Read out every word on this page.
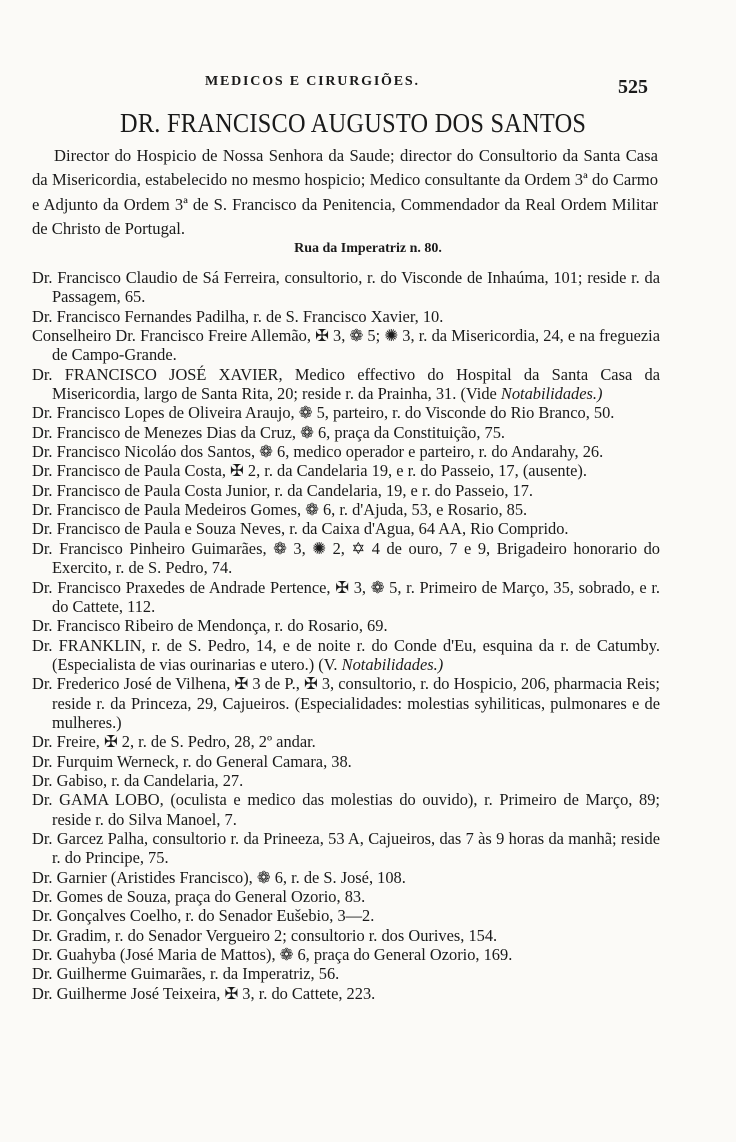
MEDICOS E CIRURGIÕES.	525
DR. FRANCISCO AUGUSTO DOS SANTOS
Director do Hospicio de Nossa Senhora da Saude; director do Consultorio da Santa Casa da Misericordia, estabelecido no mesmo hospicio; Medico consultante da Ordem 3ª do Carmo e Adjunto da Ordem 3ª de S. Francisco da Penitencia, Commendador da Real Ordem Militar de Christo de Portugal.
Rua da Imperatriz n. 80.
Dr. Francisco Claudio de Sá Ferreira, consultorio, r. do Visconde de Inhaúma, 101; reside r. da Passagem, 65.
Dr. Francisco Fernandes Padilha, r. de S. Francisco Xavier, 10.
Conselheiro Dr. Francisco Freire Allemão, ✠ 3, ❁ 5; ✺ 3, r. da Misericordia, 24, e na freguezia de Campo-Grande.
Dr. FRANCISCO JOSÉ XAVIER, Medico effectivo do Hospital da Santa Casa da Misericordia, largo de Santa Rita, 20; reside r. da Prainha, 31. (Vide Notabilidades.)
Dr. Francisco Lopes de Oliveira Araujo, ❁ 5, parteiro, r. do Visconde do Rio Branco, 50.
Dr. Francisco de Menezes Dias da Cruz, ❁ 6, praça da Constituição, 75.
Dr. Francisco Nicoláo dos Santos, ❁ 6, medico operador e parteiro, r. do Andarahy, 26.
Dr. Francisco de Paula Costa, ✠ 2, r. da Candelaria 19, e r. do Passeio, 17, (ausente).
Dr. Francisco de Paula Costa Junior, r. da Candelaria, 19, e r. do Passeio, 17.
Dr. Francisco de Paula Medeiros Gomes, ❁ 6, r. d'Ajuda, 53, e Rosario, 85.
Dr. Francisco de Paula e Souza Neves, r. da Caixa d'Agua, 64 AA, Rio Comprido.
Dr. Francisco Pinheiro Guimarães, ❁ 3, ✺ 2, ✡ 4 de ouro, 7 e 9, Brigadeiro honorario do Exercito, r. de S. Pedro, 74.
Dr. Francisco Praxedes de Andrade Pertence, ✠ 3, ❁ 5, r. Primeiro de Março, 35, sobrado, e r. do Cattete, 112.
Dr. Francisco Ribeiro de Mendonça, r. do Rosario, 69.
Dr. FRANKLIN, r. de S. Pedro, 14, e de noite r. do Conde d'Eu, esquina da r. de Catumby. (Especialista de vias ourinarias e utero.) (V. Notabilidades.)
Dr. Frederico José de Vilhena, ✠ 3 de P., ✠ 3, consultorio, r. do Hospicio, 206, pharmacia Reis; reside r. da Princeza, 29, Cajueiros. (Especialidades: molestias syhiliticas, pulmonares e de mulheres.)
Dr. Freire, ✠ 2, r. de S. Pedro, 28, 2º andar.
Dr. Furquim Werneck, r. do General Camara, 38.
Dr. Gabiso, r. da Candelaria, 27.
Dr. GAMA LOBO, (oculista e medico das molestias do ouvido), r. Primeiro de Março, 89; reside r. do Silva Manoel, 7.
Dr. Garcez Palha, consultorio r. da Prineeza, 53 A, Cajueiros, das 7 às 9 horas da manhã; reside r. do Principe, 75.
Dr. Garnier (Aristides Francisco), ❁ 6, r. de S. José, 108.
Dr. Gomes de Souza, praça do General Ozorio, 83.
Dr. Gonçalves Coelho, r. do Senador Eušebio, 3—2.
Dr. Gradim, r. do Senador Vergueiro 2; consultorio r. dos Ourives, 154.
Dr. Guahyba (José Maria de Mattos), ❁ 6, praça do General Ozorio, 169.
Dr. Guilherme Guimarães, r. da Imperatriz, 56.
Dr. Guilherme José Teixeira, ✠ 3, r. do Cattete, 223.
